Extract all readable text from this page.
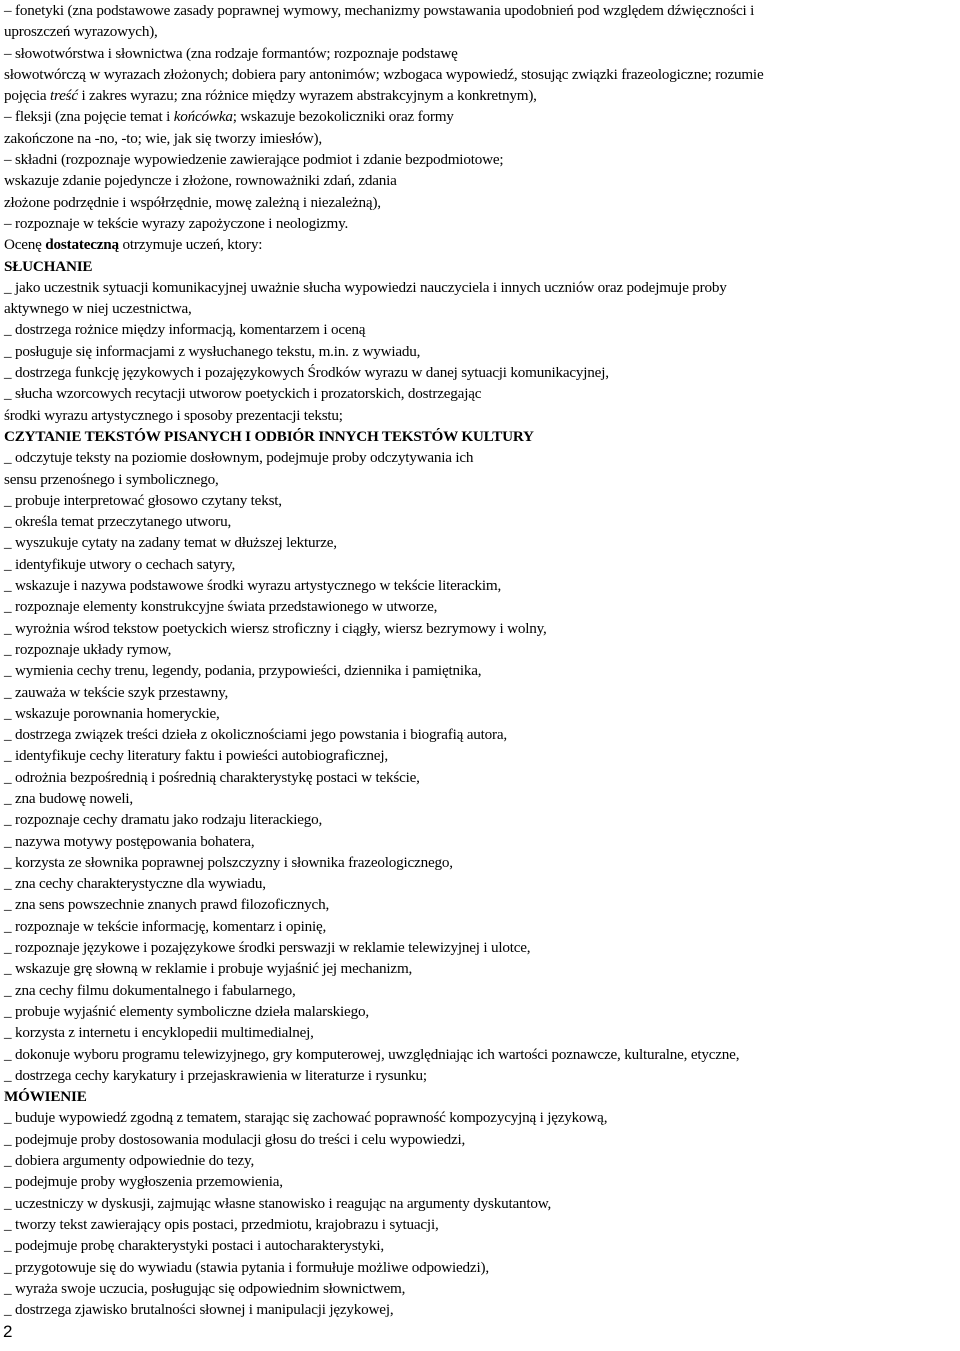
– fonetyki (zna podstawowe zasady poprawnej wymowy, mechanizmy powstawania upodobnień pod względem dźwięczności i
uproszczeń wyrazowych),
– słowotwórstwa i słownictwa (zna rodzaje formantów; rozpoznaje podstawę
słowotwórczą w wyrazach złożonych; dobiera pary antonimów; wzbogaca wypowiedź, stosując związki frazeologiczne; rozumie
pojęcia treść i zakres wyrazu; zna różnice między wyrazem abstrakcyjnym a konkretnym),
– fleksji (zna pojęcie temat i końcówka; wskazuje bezokoliczniki oraz formy
zakończone na -no, -to; wie, jak się tworzy imiesłów),
– składni (rozpoznaje wypowiedzenie zawierające podmiot i zdanie bezpodmiotowe;
wskazuje zdanie pojedyncze i złożone, rownoważniki zdań, zdania
złożone podrzędnie i współrzędnie, mowę zależną i niezależną),
– rozpoznaje w tekście wyrazy zapożyczone i neologizmy.
Ocenę dostateczną otrzymuje uczeń, ktory:
SŁUCHANIE
_ jako uczestnik sytuacji komunikacyjnej uważnie słucha wypowiedzi nauczyciela i innych uczniów oraz podejmuje proby
aktywnego w niej uczestnictwa,
_ dostrzega rożnice między informacją, komentarzem i oceną
_ posługuje się informacjami z wysłuchanego tekstu, m.in. z wywiadu,
_ dostrzega funkcję językowych i pozajęzykowych Środków wyrazu w danej sytuacji komunikacyjnej,
_ słucha wzorcowych recytacji utworow poetyckich i prozatorskich, dostrzegając
środki wyrazu artystycznego i sposoby prezentacji tekstu;
CZYTANIE TEKSTÓW PISANYCH I ODBIÓR INNYCH TEKSTÓW KULTURY
_ odczytuje teksty na poziomie dosłownym, podejmuje proby odczytywania ich
sensu przenośnego i symbolicznego,
_ probuje interpretować głosowo czytany tekst,
_ określa temat przeczytanego utworu,
_ wyszukuje cytaty na zadany temat w dłuższej lekturze,
_ identyfikuje utwory o cechach satyry,
_ wskazuje i nazywa podstawowe środki wyrazu artystycznego w tekście literackim,
_ rozpoznaje elementy konstrukcyjne świata przedstawionego w utworze,
_ wyrożnia wśrod tekstow poetyckich wiersz stroficzny i ciągły, wiersz bezrymowy i wolny,
_ rozpoznaje układy rymow,
_ wymienia cechy trenu, legendy, podania, przypowieści, dziennika i pamiętnika,
_ zauważa w tekście szyk przestawny,
_ wskazuje porownania homeryckie,
_ dostrzega związek treści dzieła z okolicznościami jego powstania i biografią autora,
_ identyfikuje cechy literatury faktu i powieści autobiograficznej,
_ odrożnia bezpośrednią i pośrednią charakterystykę postaci w tekście,
_ zna budowę noweli,
_ rozpoznaje cechy dramatu jako rodzaju literackiego,
_ nazywa motywy postępowania bohatera,
_ korzysta ze słownika poprawnej polszczyzny i słownika frazeologicznego,
_ zna cechy charakterystyczne dla wywiadu,
_ zna sens powszechnie znanych prawd filozoficznych,
_ rozpoznaje w tekście informację, komentarz i opinię,
_ rozpoznaje językowe i pozajęzykowe środki perswazji w reklamie telewizyjnej i ulotce,
_ wskazuje grę słowną w reklamie i probuje wyjaśnić jej mechanizm,
_ zna cechy filmu dokumentalnego i fabularnego,
_ probuje wyjaśnić elementy symboliczne dzieła malarskiego,
_ korzysta z internetu i encyklopedii multimedialnej,
_ dokonuje wyboru programu telewizyjnego, gry komputerowej, uwzględniając ich wartości poznawcze, kulturalne, etyczne,
_ dostrzega cechy karykatury i przejaskrawienia w literaturze i rysunku;
MÓWIENIE
_ buduje wypowiedź zgodną z tematem, starając się zachować poprawność kompozycyjną i językową,
_ podejmuje proby dostosowania modulacji głosu do treści i celu wypowiedzi,
_ dobiera argumenty odpowiednie do tezy,
_ podejmuje proby wygłoszenia przemowienia,
_ uczestniczy w dyskusji, zajmując własne stanowisko i reagując na argumenty dyskutantow,
_ tworzy tekst zawierający opis postaci, przedmiotu, krajobrazu i sytuacji,
_ podejmuje probę charakterystyki postaci i autocharakterystyki,
_ przygotowuje się do wywiadu (stawia pytania i formułuje możliwe odpowiedzi),
_ wyraża swoje uczucia, posługując się odpowiednim słownictwem,
_ dostrzega zjawisko brutalności słownej i manipulacji językowej,
2
